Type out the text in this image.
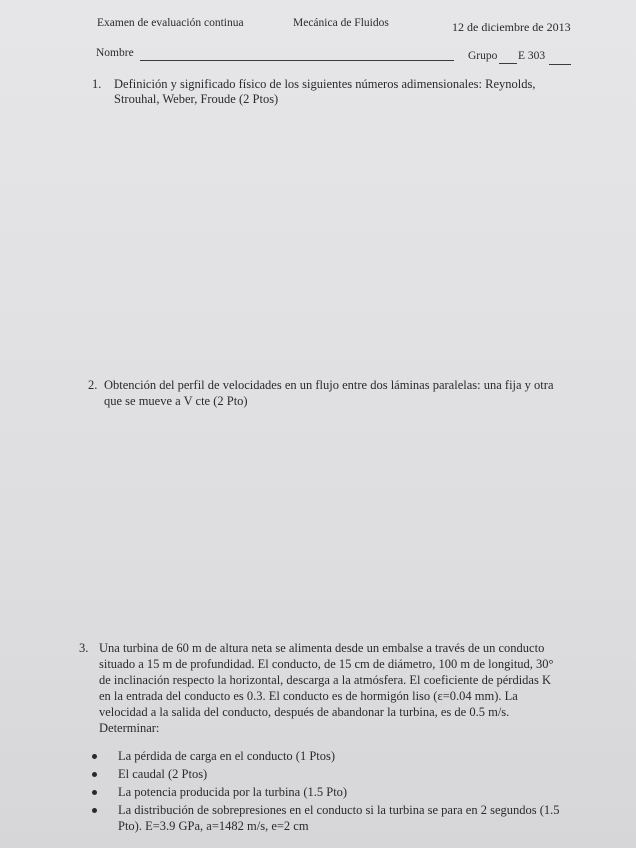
Examen de evaluación continua	Mecánica de Fluidos	12 de diciembre de 2013
Nombre	Grupo E 303
1. Definición y significado físico de los siguientes números adimensionales: Reynolds,
Strouhal, Weber, Froude (2 Ptos)
2. Obtención del perfil de velocidades en un flujo entre dos láminas paralelas: una fija y otra
que se mueve a V cte (2 Pto)
3. Una turbina de 60 m de altura neta se alimenta desde un embalse a través de un conducto
situado a 15 m de profundidad. El conducto, de 15 cm de diámetro, 100 m de longitud, 30°
de inclinación respecto la horizontal, descarga a la atmósfera. El coeficiente de pérdidas K
en la entrada del conducto es 0.3. El conducto es de hormigón liso (ε=0.04 mm). La
velocidad a la salida del conducto, después de abandonar la turbina, es de 0.5 m/s.
Determinar:
La pérdida de carga en el conducto (1 Ptos)
El caudal (2 Ptos)
La potencia producida por la turbina (1.5 Pto)
La distribución de sobrepresiones en el conducto si la turbina se para en 2 segundos (1.5
Pto). E=3.9 GPa, a=1482 m/s, e=2 cm
